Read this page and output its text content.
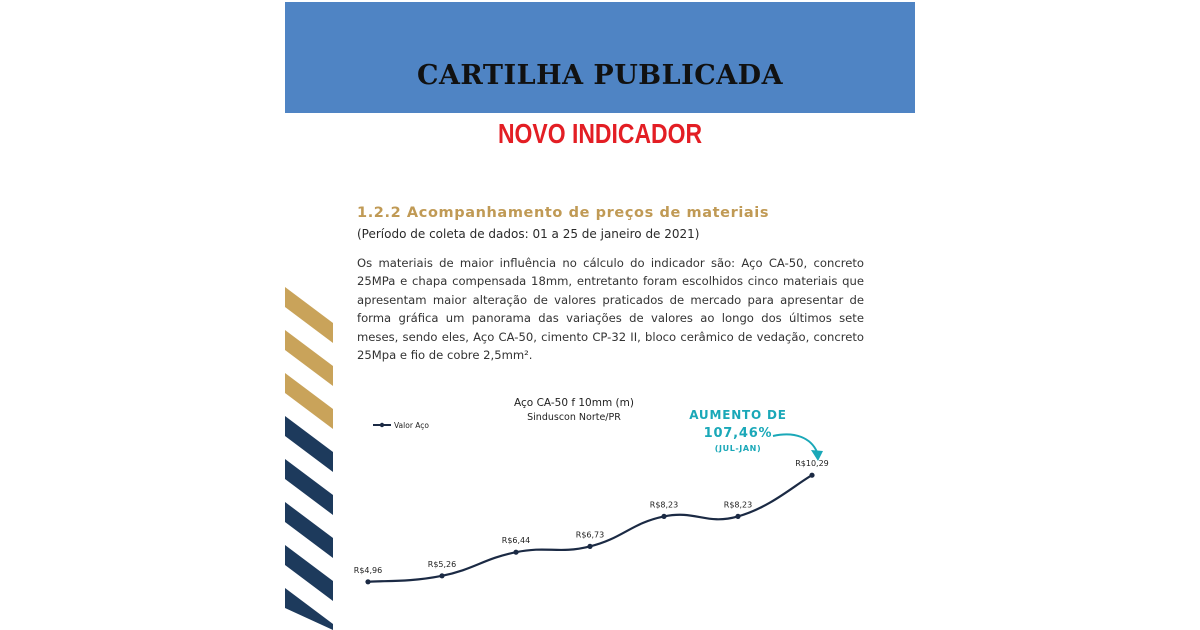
CARTILHA PUBLICADA
NOVO INDICADOR
1.2.2 Acompanhamento de preços de materiais
(Período de coleta de dados: 01 a 25 de janeiro de 2021)
Os materiais de maior influência no cálculo do indicador são: Aço CA-50, concreto 25MPa e chapa compensada 18mm, entretanto foram escolhidos cinco materiais que apresentam maior alteração de valores praticados de mercado para apresentar de forma gráfica um panorama das variações de valores ao longo dos últimos sete meses, sendo eles, Aço CA-50, cimento CP-32 II, bloco cerâmico de vedação, concreto 25Mpa e fio de cobre 2,5mm².
Aço CA-50 f 10mm (m)
Sinduscon Norte/PR
Valor Aço
AUMENTO DE
107,46%
(JUL-JAN)
R$4,96
R$5,26
R$6,44
R$6,73
R$8,23	R$8,23
R$10,29
